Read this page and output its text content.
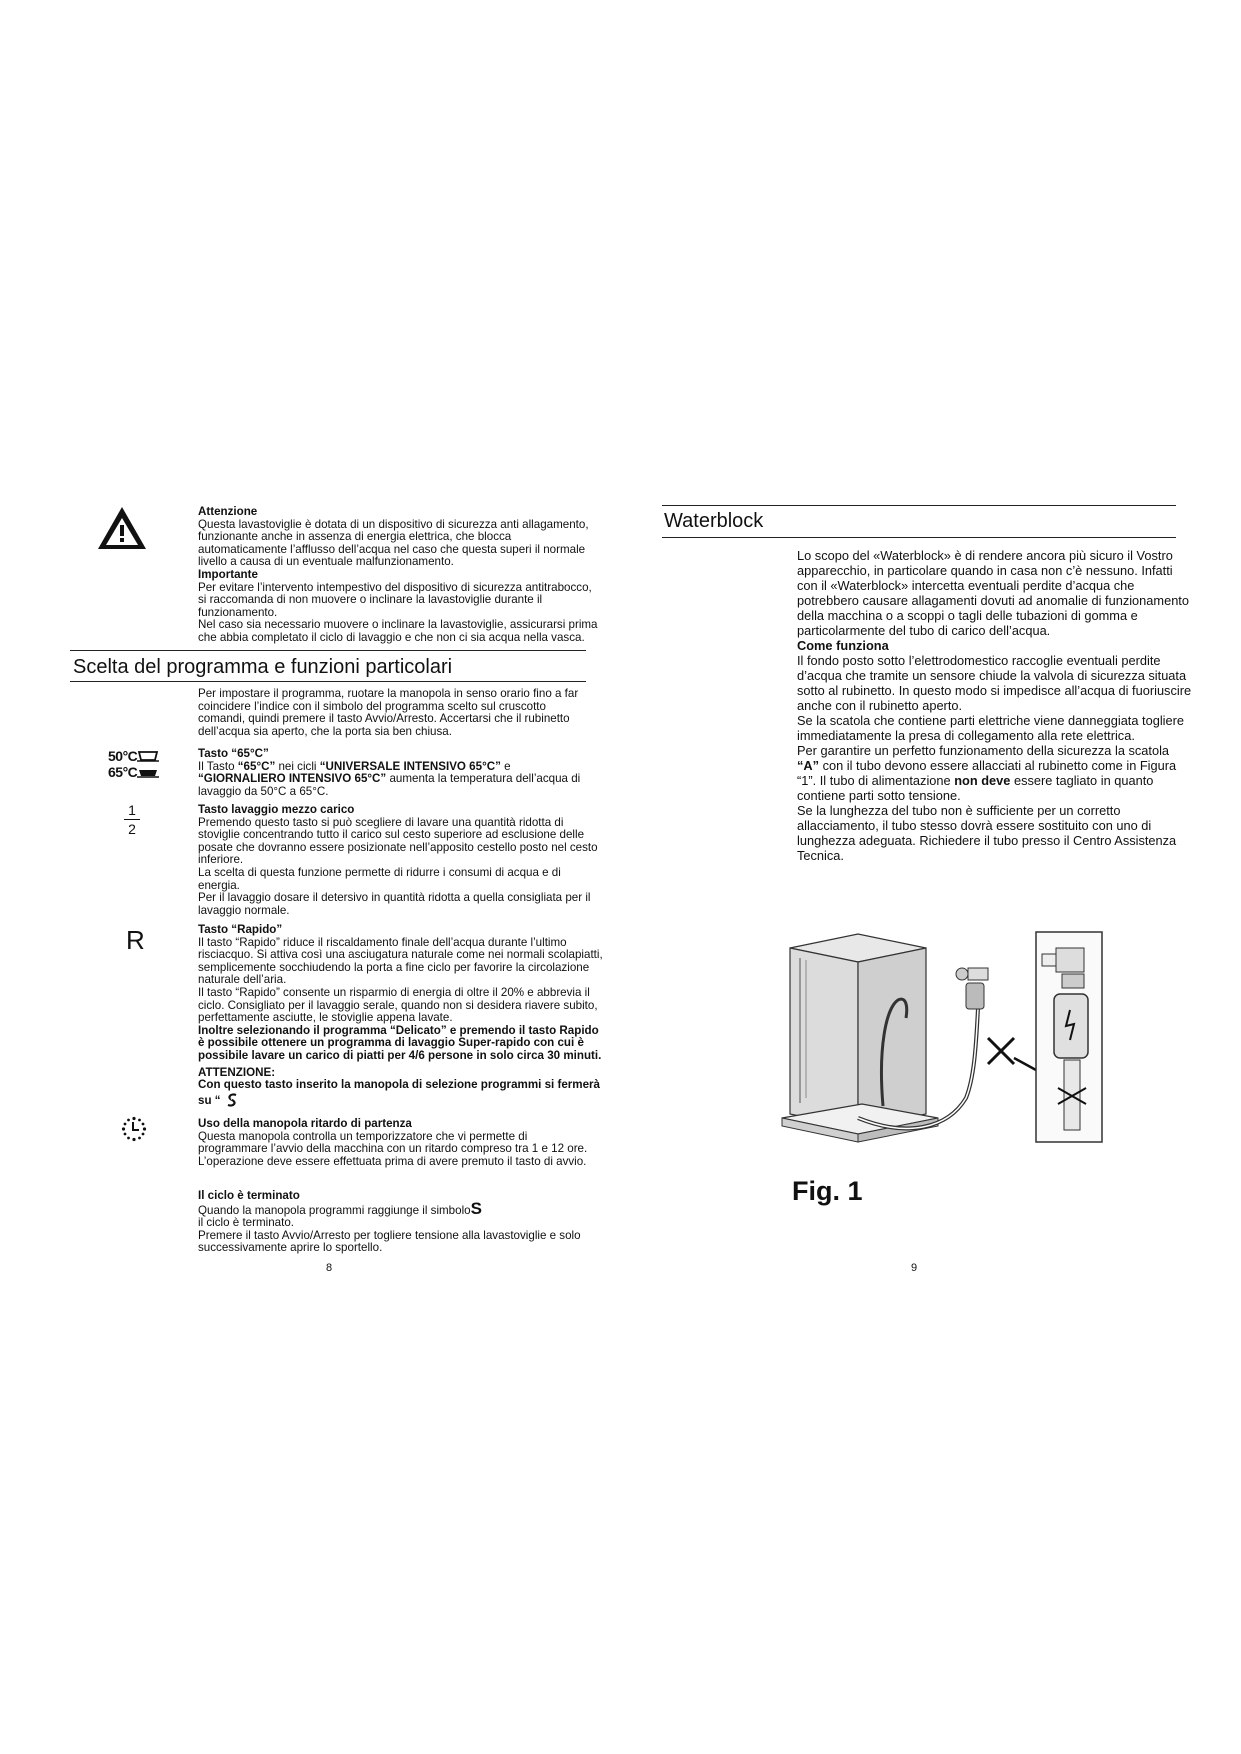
Attenzione
Questa lavastoviglie è dotata di un dispositivo di sicurezza anti allagamento, funzionante anche in assenza di energia elettrica, che blocca automaticamente l’afflusso dell’acqua nel caso che questa superi il normale livello a causa di un eventuale malfunzionamento.
Importante
Per evitare l’intervento intempestivo del dispositivo di sicurezza antitrabocco, si raccomanda di non muovere o inclinare la lavastoviglie durante il funzionamento.
Nel caso sia necessario muovere o inclinare la lavastoviglie, assicurarsi prima che abbia completato il ciclo di lavaggio e che non ci sia acqua nella vasca.
Scelta del programma e funzioni particolari
Per impostare il programma, ruotare la manopola in senso orario fino a far coincidere l’indice con il simbolo del programma scelto sul cruscotto comandi, quindi premere il tasto Avvio/Arresto. Accertarsi che il rubinetto dell’acqua sia aperto, che la porta sia ben chiusa.
50°C
65°C
Tasto “65°C”
Il Tasto “65°C” nei cicli “UNIVERSALE INTENSIVO 65°C” e “GIORNALIERO INTENSIVO 65°C” aumenta la temperatura dell’acqua di lavaggio da 50°C a 65°C.
1
2
Tasto lavaggio mezzo carico
Premendo questo tasto si può scegliere di lavare una quantità ridotta di stoviglie concentrando tutto il carico sul cesto superiore ad esclusione delle posate che dovranno essere posizionate nell’apposito cestello posto nel cesto inferiore.
La scelta di questa funzione permette di ridurre i consumi di acqua e di energia.
Per il lavaggio dosare il detersivo in quantità ridotta a quella consigliata per il lavaggio normale.
R	Tasto “Rapido”
Il tasto “Rapido” riduce il riscaldamento finale dell’acqua durante l’ultimo risciacquo. Si attiva così una asciugatura naturale come nei normali scolapiatti, semplicemente socchiudendo la porta a fine ciclo per favorire la circolazione naturale dell’aria.
Il tasto “Rapido” consente un risparmio di energia di oltre il 20% e abbrevia il ciclo. Consigliato per il lavaggio serale, quando non si desidera riavere subito, perfettamente asciutte, le stoviglie appena lavate.
Inoltre selezionando il programma “Delicato” e premendo il tasto Rapido è possibile ottenere un programma di lavaggio Super-rapido con cui è possibile lavare un carico di piatti per 4/6 persone in solo circa 30 minuti.
ATTENZIONE:
Con questo tasto inserito la manopola di selezione programmi si fermerà su “
Uso della manopola ritardo di partenza
Questa manopola controlla un temporizzatore che vi permette di programmare l’avvio della macchina con un ritardo compreso tra 1 e 12 ore. L’operazione deve essere effettuata prima di avere premuto il tasto di avvio.
Il ciclo è terminato
Quando la manopola programmi raggiunge il simboloS
il ciclo è terminato.
Premere il tasto Avvio/Arresto per togliere tensione alla lavastoviglie e solo successivamente aprire lo sportello.
8
Waterblock
Lo scopo del «Waterblock» è di rendere ancora più sicuro il Vostro apparecchio, in particolare quando in casa non c’è nessuno. Infatti con il «Waterblock» intercetta eventuali perdite d’acqua che potrebbero causare allagamenti dovuti ad anomalie di funzionamento della macchina o a scoppi o tagli delle tubazioni di gomma e particolarmente del tubo di carico dell’acqua.
Come funziona
Il fondo posto sotto l’elettrodomestico raccoglie eventuali perdite d’acqua che tramite un sensore chiude la valvola di sicurezza situata sotto al rubinetto. In questo modo si impedisce all’acqua di fuoriuscire anche con il rubinetto aperto.
Se la scatola che contiene parti elettriche viene danneggiata togliere immediatamente la presa di collegamento alla rete elettrica.
Per garantire un perfetto funzionamento della sicurezza la scatola “A” con il tubo devono essere allacciati al rubinetto come in Figura “1”. Il tubo di alimentazione non deve essere tagliato in quanto contiene parti sotto tensione.
Se la lunghezza del tubo non è sufficiente per un corretto allacciamento, il tubo stesso dovrà essere sostituito con uno di lunghezza adeguata. Richiedere il tubo presso il Centro Assistenza Tecnica.
Fig. 1
9
